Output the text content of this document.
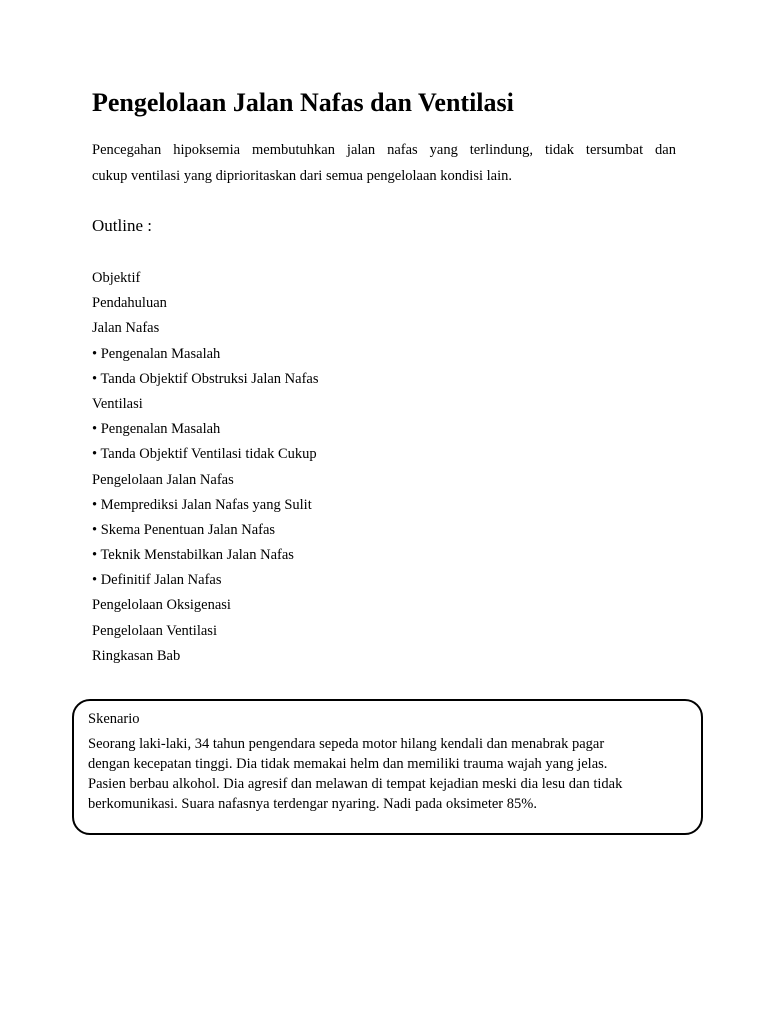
Pengelolaan Jalan Nafas dan Ventilasi

Pencegahan hipoksemia membutuhkan jalan nafas yang terlindung, tidak tersumbat dan
cukup ventilasi yang diprioritaskan dari semua pengelolaan kondisi lain.

Outline :
Objektif
Pendahuluan
Jalan Nafas
• Pengenalan Masalah
• Tanda Objektif Obstruksi Jalan Nafas
Ventilasi
• Pengenalan Masalah
• Tanda Objektif Ventilasi tidak Cukup
Pengelolaan Jalan Nafas
• Memprediksi Jalan Nafas yang Sulit
• Skema Penentuan Jalan Nafas
• Teknik Menstabilkan Jalan Nafas
• Definitif Jalan Nafas
Pengelolaan Oksigenasi
Pengelolaan Ventilasi
Ringkasan Bab
Skenario

Seorang laki-laki, 34 tahun pengendara sepeda motor hilang kendali dan menabrak pagar
dengan kecepatan tinggi. Dia tidak memakai helm dan memiliki trauma wajah yang jelas.
Pasien berbau alkohol. Dia agresif dan melawan di tempat kejadian meski dia lesu dan tidak
berkomunikasi. Suara nafasnya terdengar nyaring. Nadi pada oksimeter 85%.
